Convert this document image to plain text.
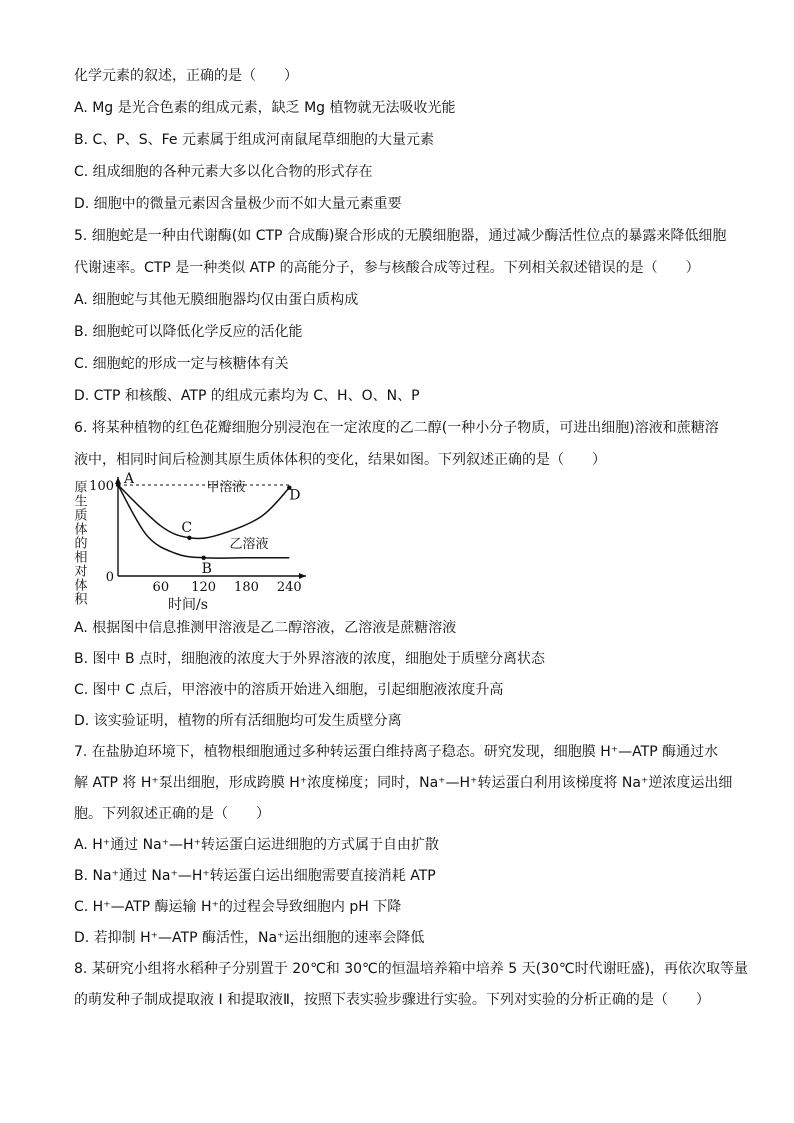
化学元素的叙述，正确的是（　　）
A. Mg 是光合色素的组成元素，缺乏 Mg 植物就无法吸收光能
B. C、P、S、Fe 元素属于组成河南鼠尾草细胞的大量元素
C. 组成细胞的各种元素大多以化合物的形式存在
D. 细胞中的微量元素因含量极少而不如大量元素重要
5. 细胞蛇是一种由代谢酶(如 CTP 合成酶)聚合形成的无膜细胞器，通过减少酶活性位点的暴露来降低细胞
代谢速率。CTP 是一种类似 ATP 的高能分子，参与核酸合成等过程。下列相关叙述错误的是（　　）
A. 细胞蛇与其他无膜细胞器均仅由蛋白质构成
B. 细胞蛇可以降低化学反应的活化能
C. 细胞蛇的形成一定与核糖体有关
D. CTP 和核酸、ATP 的组成元素均为 C、H、O、N、P
6. 将某种植物的红色花瓣细胞分别浸泡在一定浓度的乙二醇(一种小分子物质，可进出细胞)溶液和蔗糖溶
液中，相同时间后检测其原生质体体积的变化，结果如图。下列叙述正确的是（　　）
原生质体的相对体积	60 120 180 240
100
0
甲溶液
乙溶液
A
B
C
D
时间/s
A. 根据图中信息推测甲溶液是乙二醇溶液，乙溶液是蔗糖溶液
B. 图中 B 点时，细胞液的浓度大于外界溶液的浓度，细胞处于质壁分离状态
C. 图中 C 点后，甲溶液中的溶质开始进入细胞，引起细胞液浓度升高
D. 该实验证明，植物的所有活细胞均可发生质壁分离
7. 在盐胁迫环境下，植物根细胞通过多种转运蛋白维持离子稳态。研究发现，细胞膜 H⁺—ATP 酶通过水
解 ATP 将 H⁺泵出细胞，形成跨膜 H⁺浓度梯度；同时，Na⁺—H⁺转运蛋白利用该梯度将 Na⁺逆浓度运出细
胞。下列叙述正确的是（　　）
A. H⁺通过 Na⁺—H⁺转运蛋白运进细胞的方式属于自由扩散
B. Na⁺通过 Na⁺—H⁺转运蛋白运出细胞需要直接消耗 ATP
C. H⁺—ATP 酶运输 H⁺的过程会导致细胞内 pH 下降
D. 若抑制 H⁺—ATP 酶活性，Na⁺运出细胞的速率会降低
8. 某研究小组将水稻种子分别置于 20℃和 30℃的恒温培养箱中培养 5 天(30℃时代谢旺盛)，再依次取等量
的萌发种子制成提取液 I 和提取液Ⅱ，按照下表实验步骤进行实验。下列对实验的分析正确的是（　　）
